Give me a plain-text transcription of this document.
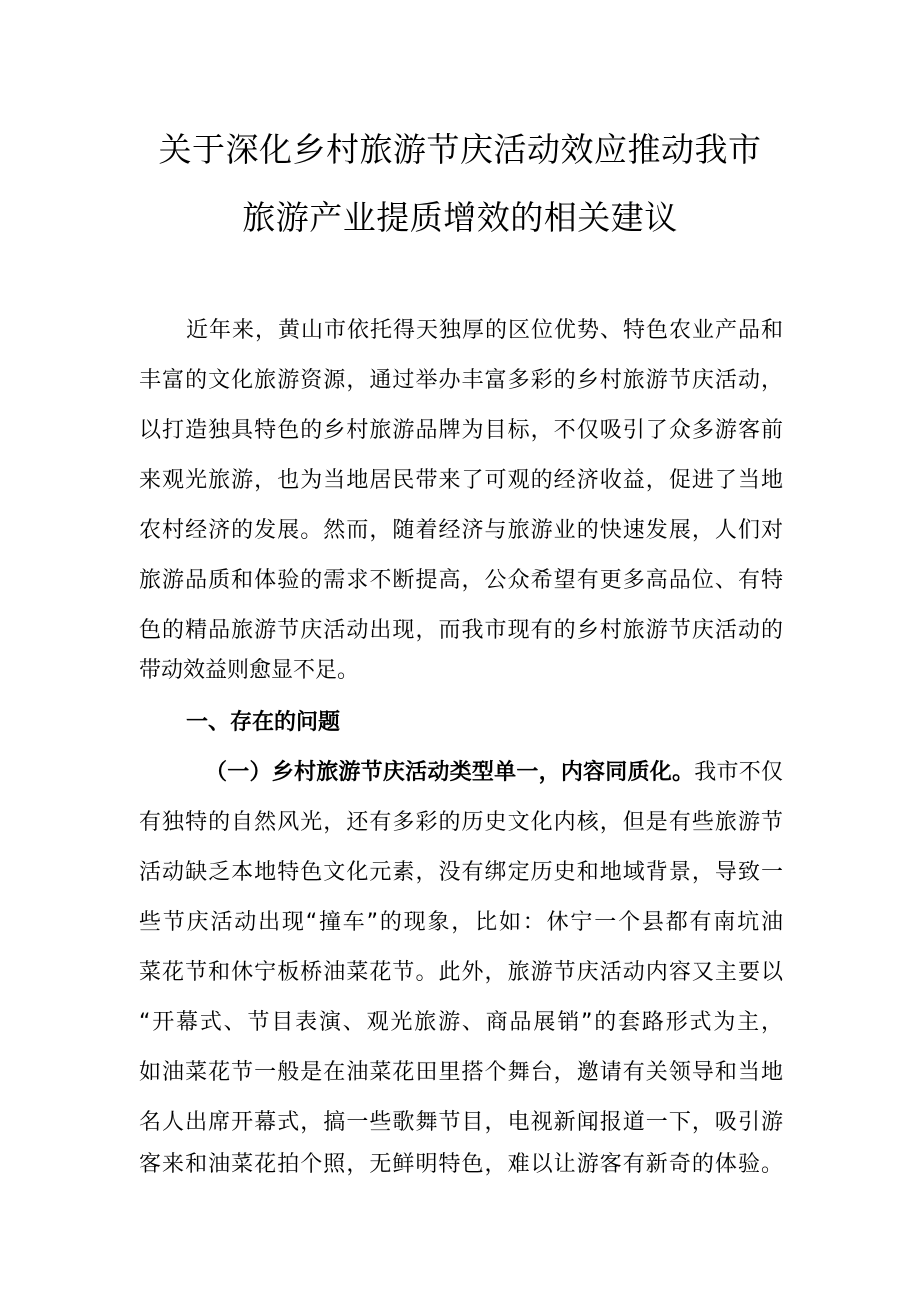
关于深化乡村旅游节庆活动效应推动我市
旅游产业提质增效的相关建议
近年来，黄山市依托得天独厚的区位优势、特色农业产品和
丰富的文化旅游资源，通过举办丰富多彩的乡村旅游节庆活动，
以打造独具特色的乡村旅游品牌为目标，不仅吸引了众多游客前
来观光旅游，也为当地居民带来了可观的经济收益，促进了当地
农村经济的发展。然而，随着经济与旅游业的快速发展，人们对
旅游品质和体验的需求不断提高，公众希望有更多高品位、有特
色的精品旅游节庆活动出现，而我市现有的乡村旅游节庆活动的
带动效益则愈显不足。
一、存在的问题
（一）乡村旅游节庆活动类型单一，内容同质化。我市不仅
有独特的自然风光，还有多彩的历史文化内核，但是有些旅游节
活动缺乏本地特色文化元素，没有绑定历史和地域背景，导致一
些节庆活动出现“撞车”的现象，比如：休宁一个县都有南坑油
菜花节和休宁板桥油菜花节。此外，旅游节庆活动内容又主要以
“开幕式、节目表演、观光旅游、商品展销”的套路形式为主，
如油菜花节一般是在油菜花田里搭个舞台，邀请有关领导和当地
名人出席开幕式，搞一些歌舞节目，电视新闻报道一下，吸引游
客来和油菜花拍个照，无鲜明特色，难以让游客有新奇的体验。
